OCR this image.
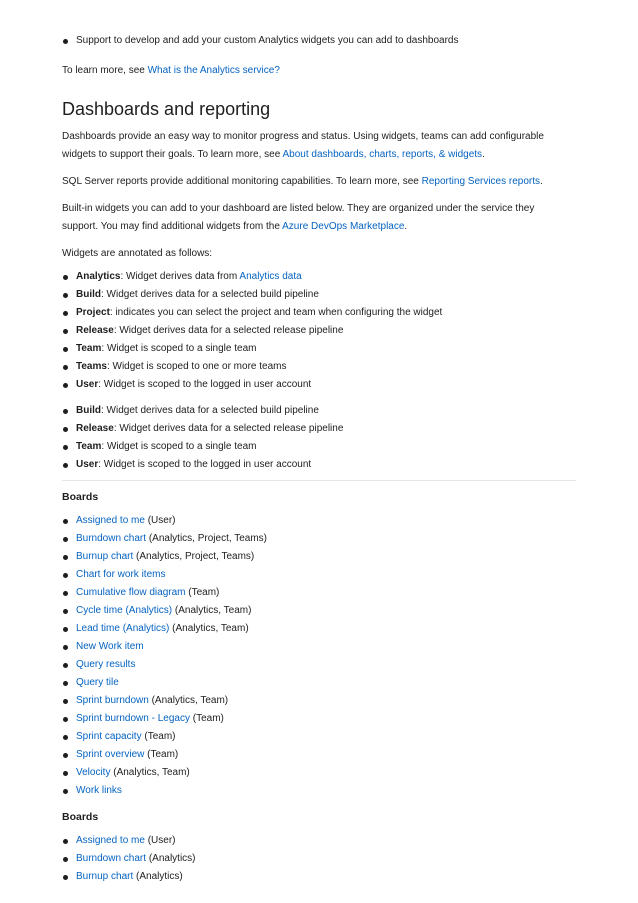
Support to develop and add your custom Analytics widgets you can add to dashboards

To learn more, see What is the Analytics service?

Dashboards and reporting

Dashboards provide an easy way to monitor progress and status. Using widgets, teams can add configurable
widgets to support their goals. To learn more, see About dashboards, charts, reports, & widgets.

SQL Server reports provide additional monitoring capabilities. To learn more, see Reporting Services reports.

Built-in widgets you can add to your dashboard are listed below. They are organized under the service they
support. You may find additional widgets from the Azure DevOps Marketplace.

Widgets are annotated as follows:

Analytics: Widget derives data from Analytics data
Build: Widget derives data for a selected build pipeline
Project: indicates you can select the project and team when configuring the widget
Release: Widget derives data for a selected release pipeline
Team: Widget is scoped to a single team
Teams: Widget is scoped to one or more teams
User: Widget is scoped to the logged in user account
Build: Widget derives data for a selected build pipeline
Release: Widget derives data for a selected release pipeline
Team: Widget is scoped to a single team
User: Widget is scoped to the logged in user account
Boards
Assigned to me (User)
Burndown chart (Analytics, Project, Teams)
Burnup chart (Analytics, Project, Teams)
Chart for work items
Cumulative flow diagram (Team)
Cycle time (Analytics) (Analytics, Team)
Lead time (Analytics) (Analytics, Team)
New Work item
Query results
Query tile
Sprint burndown (Analytics, Team)
Sprint burndown - Legacy (Team)
Sprint capacity (Team)
Sprint overview (Team)
Velocity (Analytics, Team)
Work links
Boards
Assigned to me (User)
Burndown chart (Analytics)
Burnup chart (Analytics)
